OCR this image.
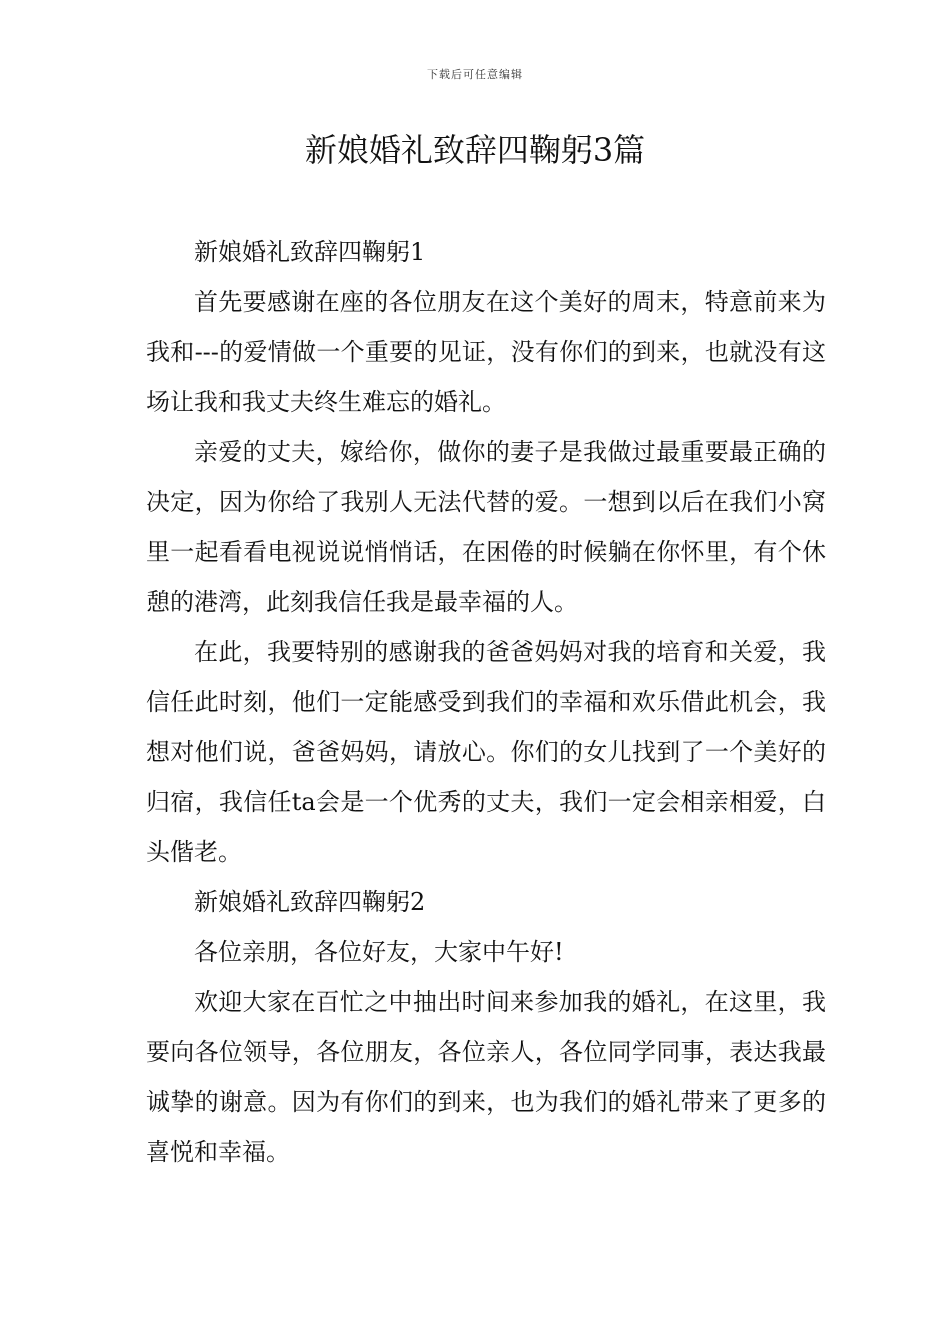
下载后可任意编辑
新娘婚礼致辞四鞠躬3篇

新娘婚礼致辞四鞠躬1

首先要感谢在座的各位朋友在这个美好的周末，特意前来为我和---的爱情做一个重要的见证，没有你们的到来，也就没有这场让我和我丈夫终生难忘的婚礼。

亲爱的丈夫，嫁给你，做你的妻子是我做过最重要最正确的决定，因为你给了我别人无法代替的爱。一想到以后在我们小窝里一起看看电视说说悄悄话，在困倦的时候躺在你怀里，有个休憩的港湾，此刻我信任我是最幸福的人。

在此，我要特别的感谢我的爸爸妈妈对我的培育和关爱，我信任此时刻，他们一定能感受到我们的幸福和欢乐借此机会，我想对他们说，爸爸妈妈，请放心。你们的女儿找到了一个美好的归宿，我信任ta会是一个优秀的丈夫，我们一定会相亲相爱，白头偕老。

新娘婚礼致辞四鞠躬2

各位亲朋，各位好友，大家中午好!

欢迎大家在百忙之中抽出时间来参加我的婚礼，在这里，我要向各位领导，各位朋友，各位亲人，各位同学同事，表达我最诚挚的谢意。因为有你们的到来，也为我们的婚礼带来了更多的喜悦和幸福。
